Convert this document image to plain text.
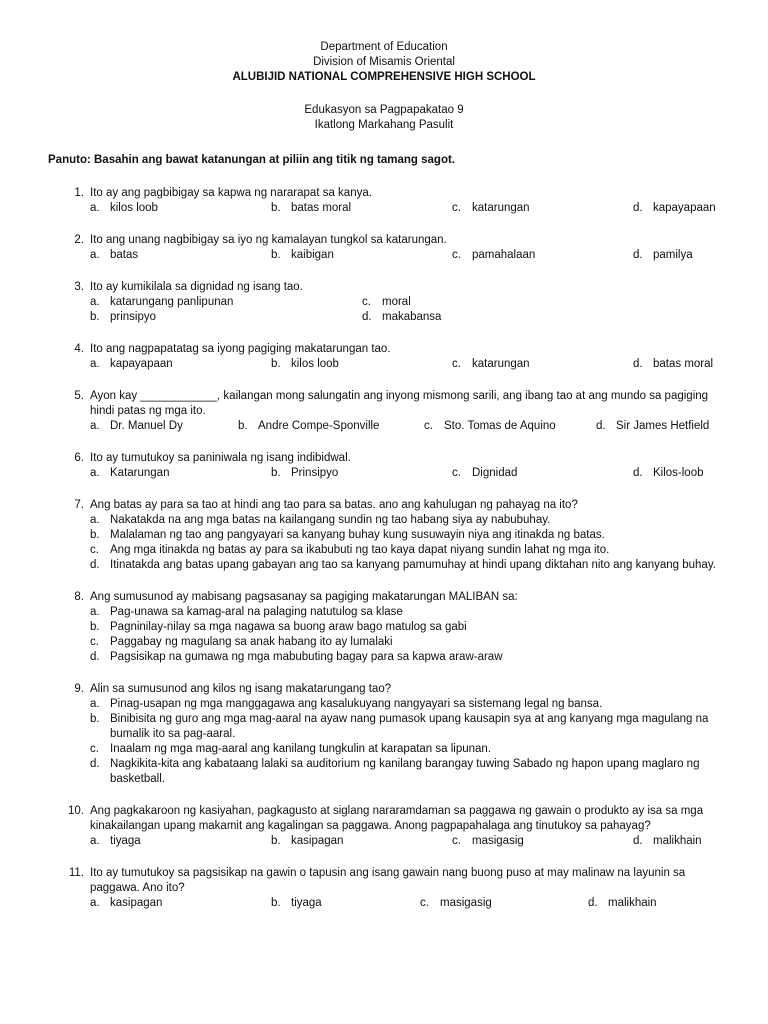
Department of Education
Division of Misamis Oriental
ALUBIJID NATIONAL COMPREHENSIVE HIGH SCHOOL
Edukasyon sa Pagpapakatao 9
Ikatlong Markahang Pasulit
Panuto: Basahin ang bawat katanungan at piliin ang titik ng tamang sagot.
1. Ito ay ang pagbibigay sa kapwa ng nararapat sa kanya.
a. kilos loob	b. batas moral	c. katarungan	d. kapayapaan
2. Ito ang unang nagbibigay sa iyo ng kamalayan tungkol sa katarungan.
a. batas	b. kaibigan	c. pamahalaan	d. pamilya
3. Ito ay kumikilala sa dignidad ng isang tao.
a. katarungang panlipunan
b. prinsipyo
c. moral
d. makabansa
4. Ito ang nagpapatatag sa iyong pagiging makatarungan tao.
a. kapayapaan	b. kilos loob	c. katarungan	d. batas moral
5. Ayon kay ____________, kailangan mong salungatin ang inyong mismong sarili, ang ibang tao at ang mundo sa pagiging hindi patas ng mga ito.
a. Dr. Manuel Dy	b. Andre Compe-Sponville	c. Sto. Tomas de Aquino	d. Sir James Hetfield
6. Ito ay tumutukoy sa paniniwala ng isang indibidwal.
a. Katarungan	b. Prinsipyo	c. Dignidad	d. Kilos-loob
7. Ang batas ay para sa tao at hindi ang tao para sa batas. ano ang kahulugan ng pahayag na ito?
a. Nakatakda na ang mga batas na kailangang sundin ng tao habang siya ay nabubuhay.
b. Malalaman ng tao ang pangyayari sa kanyang buhay kung susuwayin niya ang itinakda ng batas.
c. Ang mga itinakda ng batas ay para sa ikabubuti ng tao kaya dapat niyang sundin lahat ng mga ito.
d. Itinatakda ang batas upang gabayan ang tao sa kanyang pamumuhay at hindi upang diktahan nito ang kanyang buhay.
8. Ang sumusunod ay mabisang pagsasanay sa pagiging makatarungan MALIBAN sa:
a. Pag-unawa sa kamag-aral na palaging natutulog sa klase
b. Pagninilay-nilay sa mga nagawa sa buong araw bago matulog sa gabi
c. Paggabay ng magulang sa anak habang ito ay lumalaki
d. Pagsisikap na gumawa ng mga mabubuting bagay para sa kapwa araw-araw
9. Alin sa sumusunod ang kilos ng isang makatarungang tao?
a. Pinag-usapan ng mga manggagawa ang kasalukuyang nangyayari sa sistemang legal ng bansa.
b. Binibisita ng guro ang mga mag-aaral na ayaw nang pumasok upang kausapin sya at ang kanyang mga magulang na bumalik ito sa pag-aaral.
c. Inaalam ng mga mag-aaral ang kanilang tungkulin at karapatan sa lipunan.
d. Nagkikita-kita ang kabataang lalaki sa auditorium ng kanilang barangay tuwing Sabado ng hapon upang maglaro ng basketball.
10. Ang pagkakaroon ng kasiyahan, pagkagusto at siglang nararamdaman sa paggawa ng gawain o produkto ay isa sa mga kinakailangan upang makamit ang kagalingan sa paggawa. Anong pagpapahalaga ang tinutukoy sa pahayag?
a. tiyaga	b. kasipagan	c. masigasig	d. malikhain
11. Ito ay tumutukoy sa pagsisikap na gawin o tapusin ang isang gawain nang buong puso at may malinaw na layunin sa paggawa. Ano ito?
a. kasipagan	b. tiyaga	c. masigasig	d. malikhain
